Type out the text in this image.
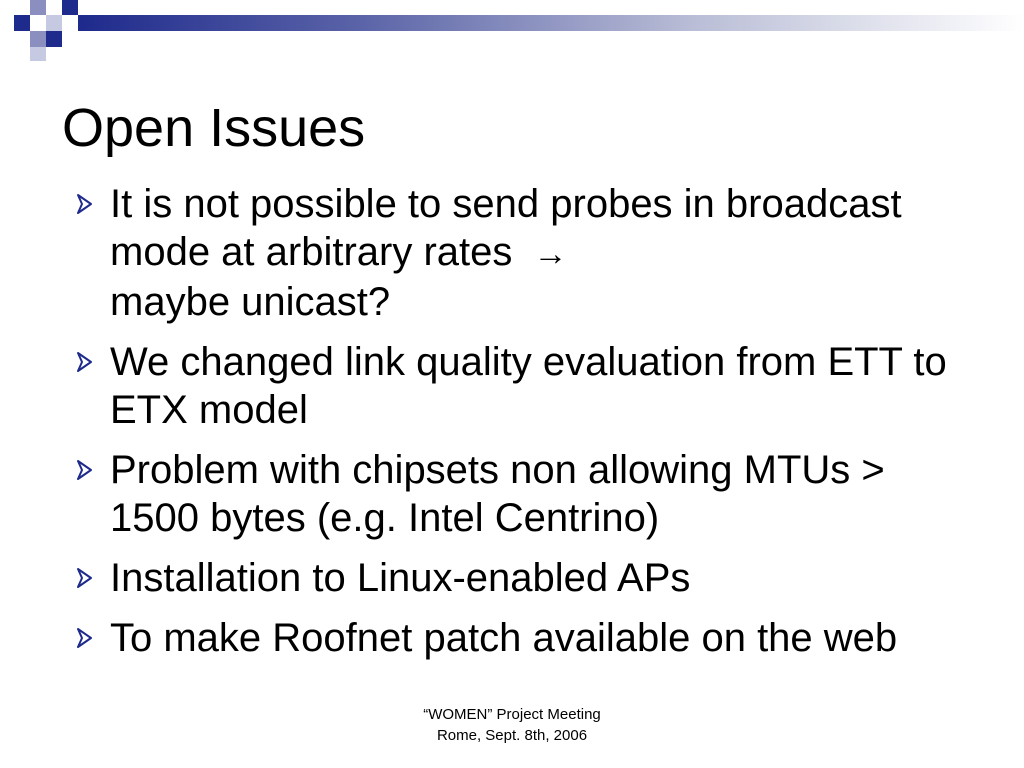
Open Issues
It is not possible to send probes in broadcast mode at arbitrary rates →
maybe unicast?
We changed link quality evaluation from ETT to ETX model
Problem with chipsets non allowing MTUs > 1500 bytes (e.g. Intel Centrino)
Installation to Linux-enabled APs
To make Roofnet patch available on the web
“WOMEN” Project Meeting
Rome, Sept. 8th, 2006
